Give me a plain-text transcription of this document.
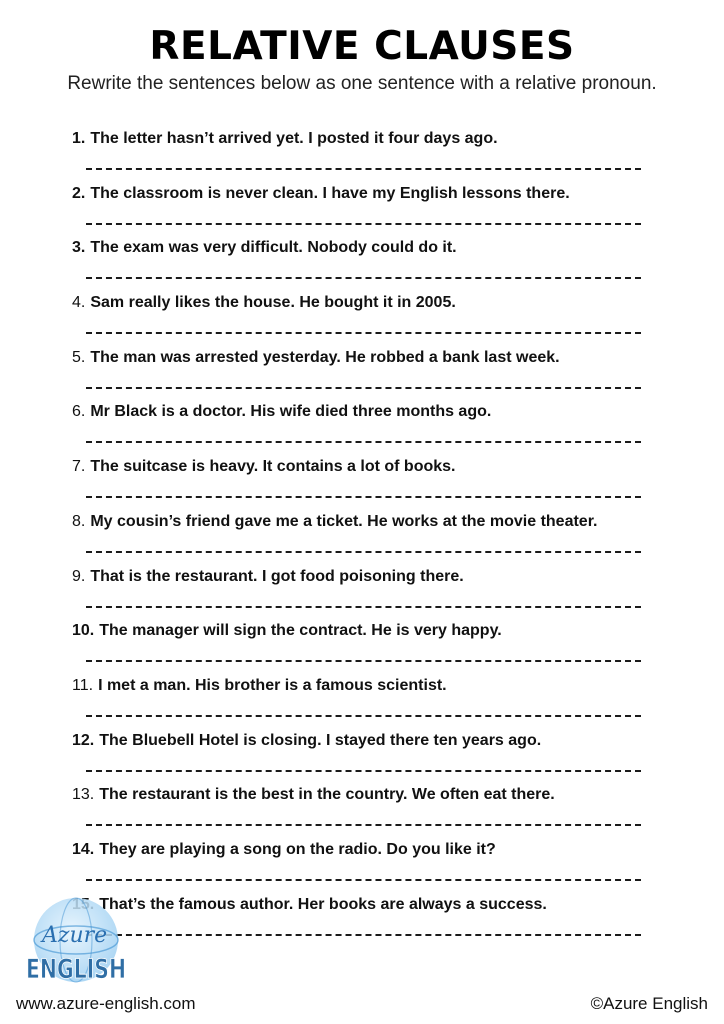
RELATIVE CLAUSES

Rewrite the sentences below as one sentence with a relative pronoun.

1. The letter hasn’t arrived yet. I posted it four days ago.
2. The classroom is never clean. I have my English lessons there.
3. The exam was very difficult. Nobody could do it.
4. Sam really likes the house. He bought it in 2005.
5. The man was arrested yesterday. He robbed a bank last week.
6. Mr Black is a doctor. His wife died three months ago.
7. The suitcase is heavy. It contains a lot of books.
8. My cousin’s friend gave me a ticket. He works at the movie theater.
9. That is the restaurant. I got food poisoning there.
10. The manager will sign the contract. He is very happy.
11. I met a man. His brother is a famous scientist.
12. The Bluebell Hotel is closing. I stayed there ten years ago.
13. The restaurant is the best in the country. We often eat there.
14. They are playing a song on the radio. Do you like it?
That’s the famous author. Her books are always a success.
Azure
ENGLISH
www.azure-english.com	©Azure English
